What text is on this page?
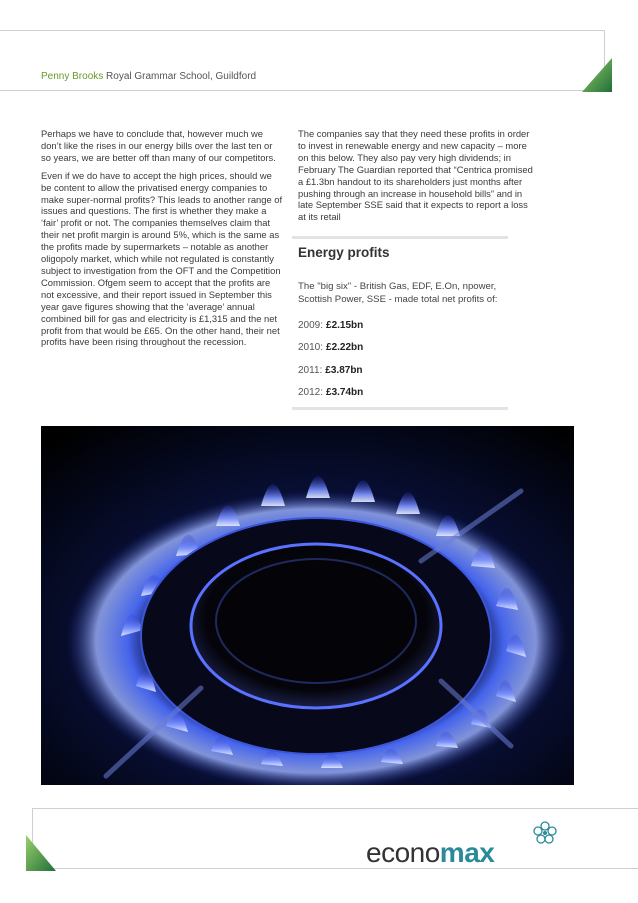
Penny Brooks Royal Grammar School, Guildford

Perhaps we have to conclude that, however much we don’t like the rises in our energy bills over the last ten or so years, we are better off than many of our competitors.

Even if we do have to accept the high prices, should we be content to allow the privatised energy companies to make super-normal profits? This leads to another range of issues and questions. The first is whether they make a ‘fair’ profit or not. The companies themselves claim that their net profit margin is around 5%, which is the same as the profits made by supermarkets – notable as another oligopoly market, which while not regulated is constantly subject to investigation from the OFT and the Competition Commission. Ofgem seem to accept that the profits are not excessive, and their report issued in September this year gave figures showing that the ‘average’ annual combined bill for gas and electricity is £1,315 and the net profit from that would be £65. On the other hand, their net profits have been rising throughout the recession.

The companies say that they need these profits in order to invest in renewable energy and new capacity – more on this below. They also pay very high dividends; in February The Guardian reported that “Centrica promised a £1.3bn handout to its shareholders just months after pushing through an increase in household bills” and in late September SSE said that it expects to report a loss at its retail

Energy profits
The "big six" - British Gas, EDF, E.On, npower, Scottish Power, SSE - made total net profits of:
2009: £2.15bn
2010: £2.22bn
2011: £3.87bn
2012: £3.74bn
economax
